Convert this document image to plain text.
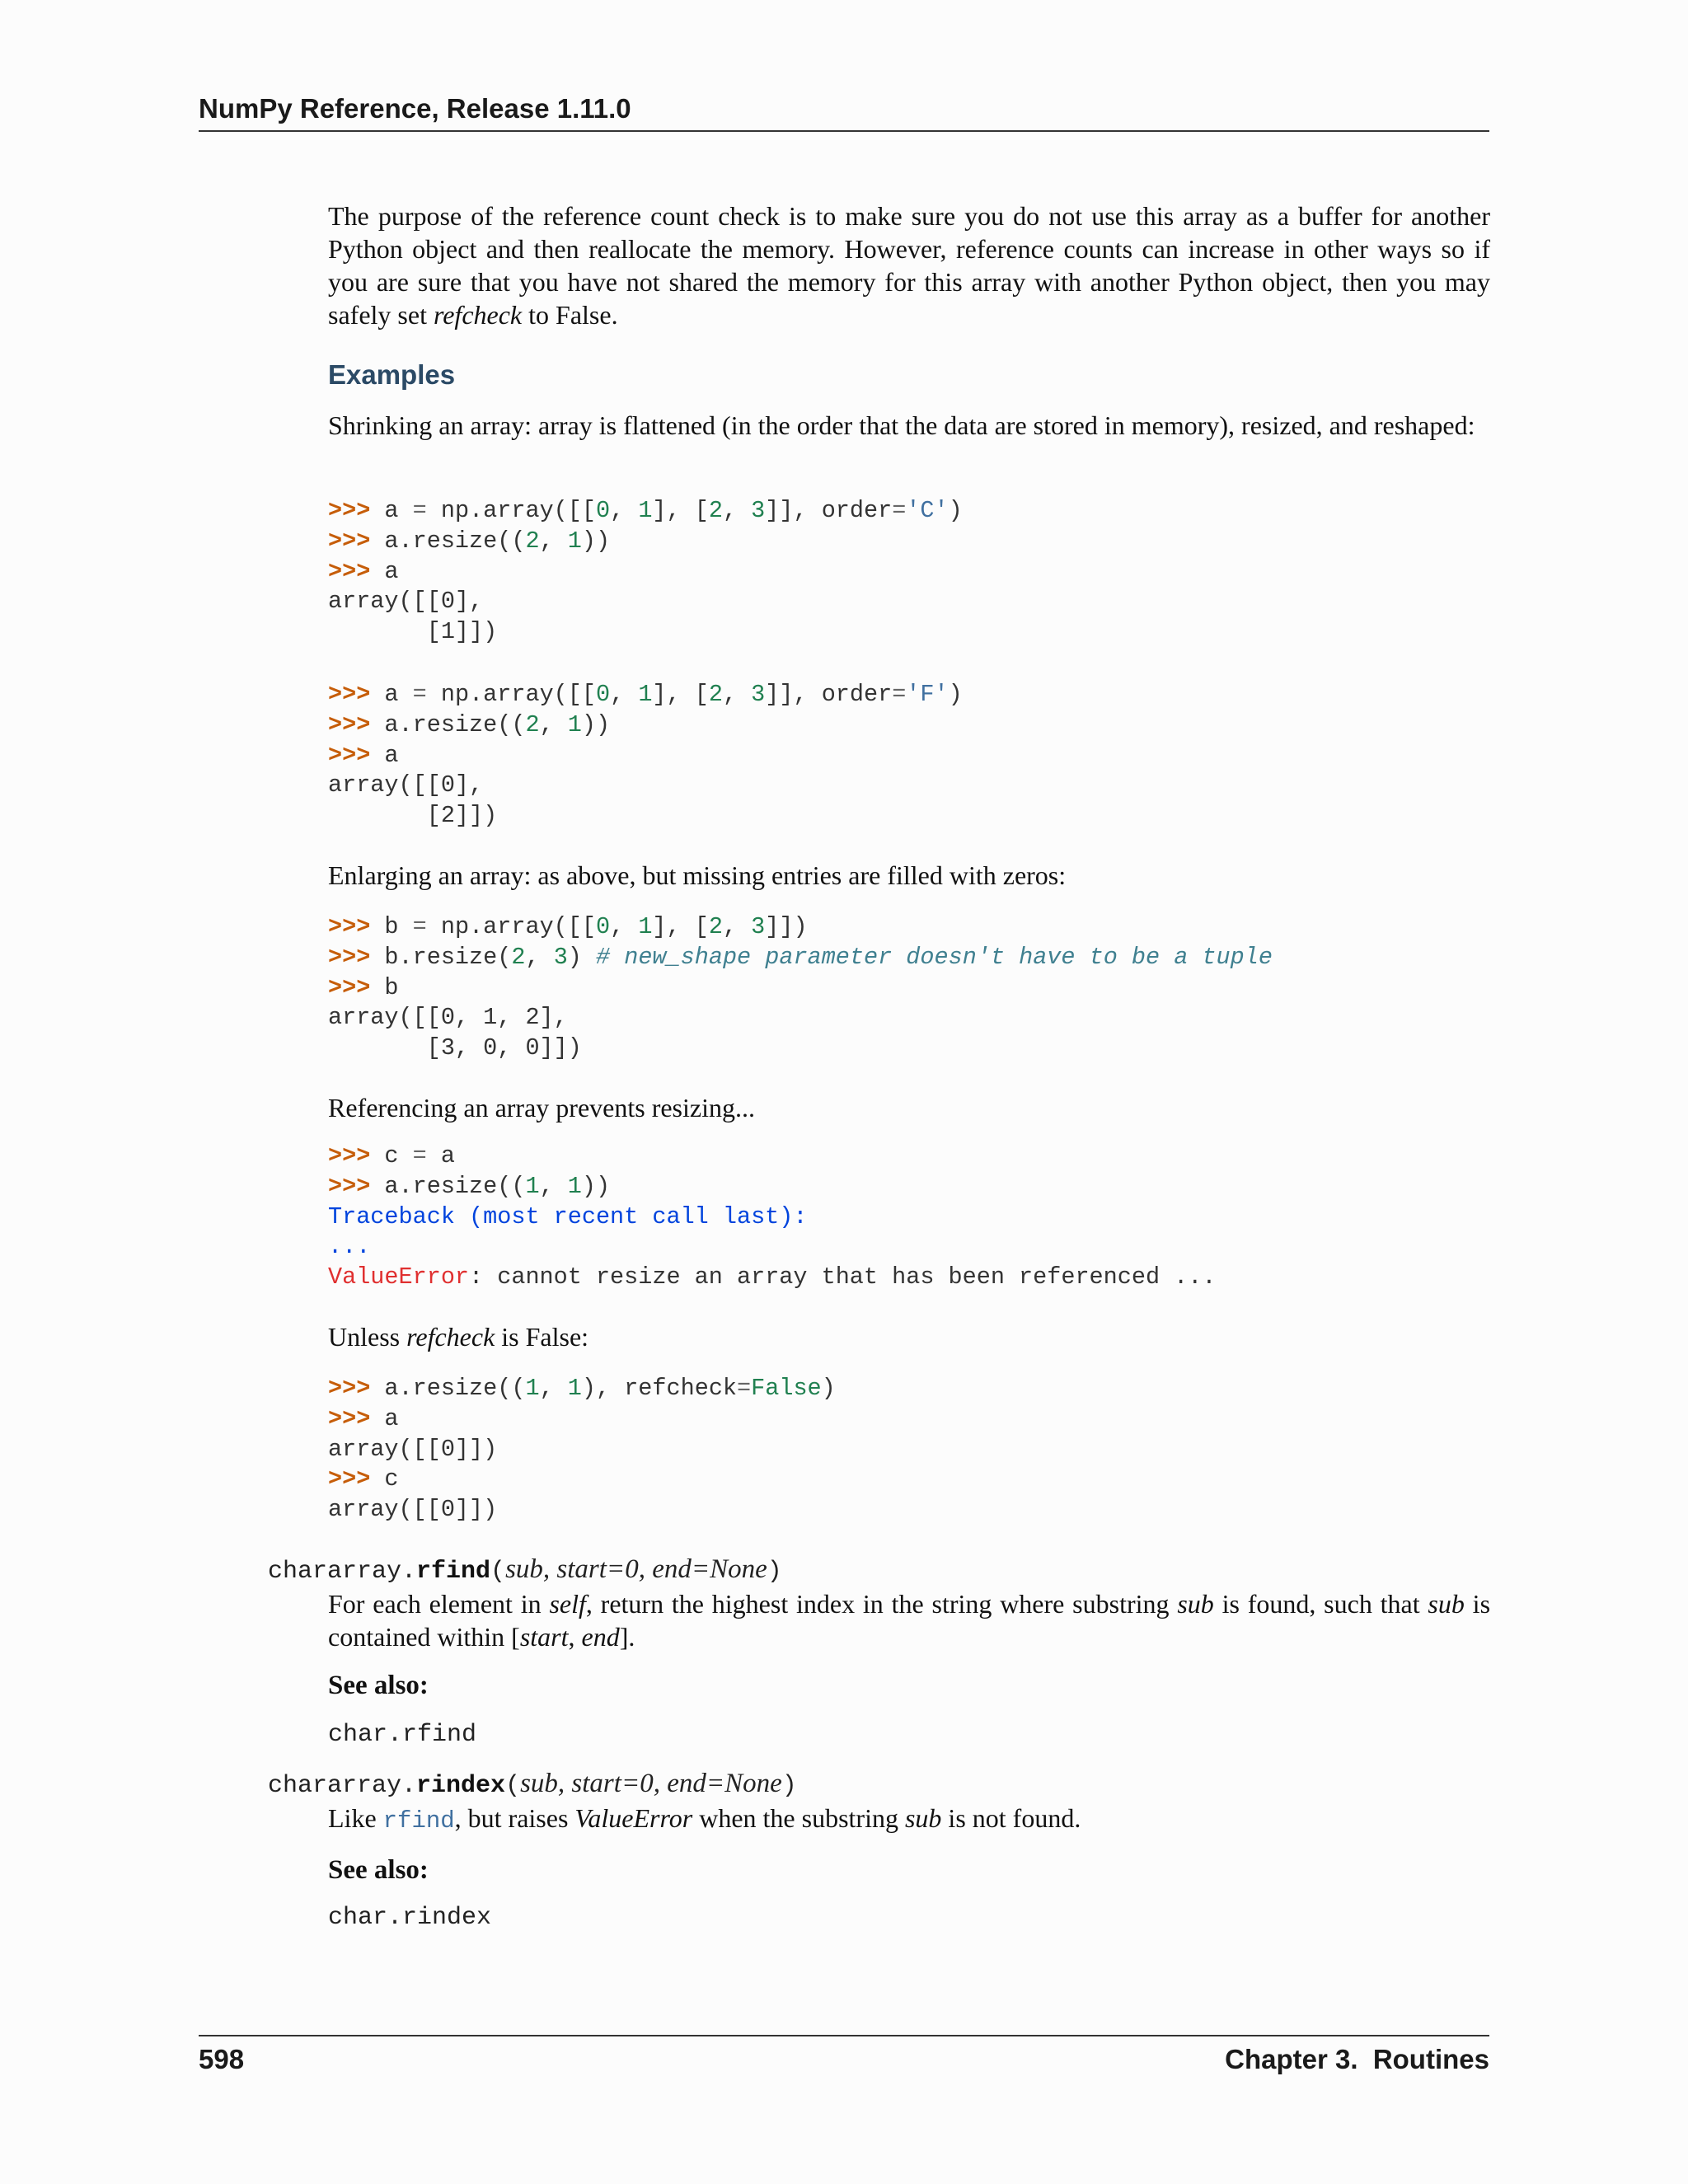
NumPy Reference, Release 1.11.0

The purpose of the reference count check is to make sure you do not use this array as a buffer for another Python object and then reallocate the memory. However, reference counts can increase in other ways so if you are sure that you have not shared the memory for this array with another Python object, then you may safely set refcheck to False.

Examples

Shrinking an array: array is flattened (in the order that the data are stored in memory), resized, and reshaped:

>>> a = np.array([[0, 1], [2, 3]], order='C')
>>> a.resize((2, 1))
>>> a
array([[0],
[1]])
>>> a = np.array([[0, 1], [2, 3]], order='F')
>>> a.resize((2, 1))
>>> a
array([[0],
[2]])

Enlarging an array: as above, but missing entries are filled with zeros:

>>> b = np.array([[0, 1], [2, 3]])
>>> b.resize(2, 3) # new_shape parameter doesn't have to be a tuple
>>> b
array([[0, 1, 2],
[3, 0, 0]])

Referencing an array prevents resizing...

>>> c = a
>>> a.resize((1, 1))
Traceback (most recent call last):
...
ValueError: cannot resize an array that has been referenced ...

Unless refcheck is False:

>>> a.resize((1, 1), refcheck=False)
>>> a
array([[0]])
>>> c
array([[0]])
chararray.rfind(sub, start=0, end=None)

For each element in self, return the highest index in the string where substring sub is found, such that sub is contained within [start, end].

See also:
char.rfind
chararray.rindex(sub, start=0, end=None)

Like rfind, but raises ValueError when the substring sub is not found.

See also:
char.rindex
598	Chapter 3.  Routines
